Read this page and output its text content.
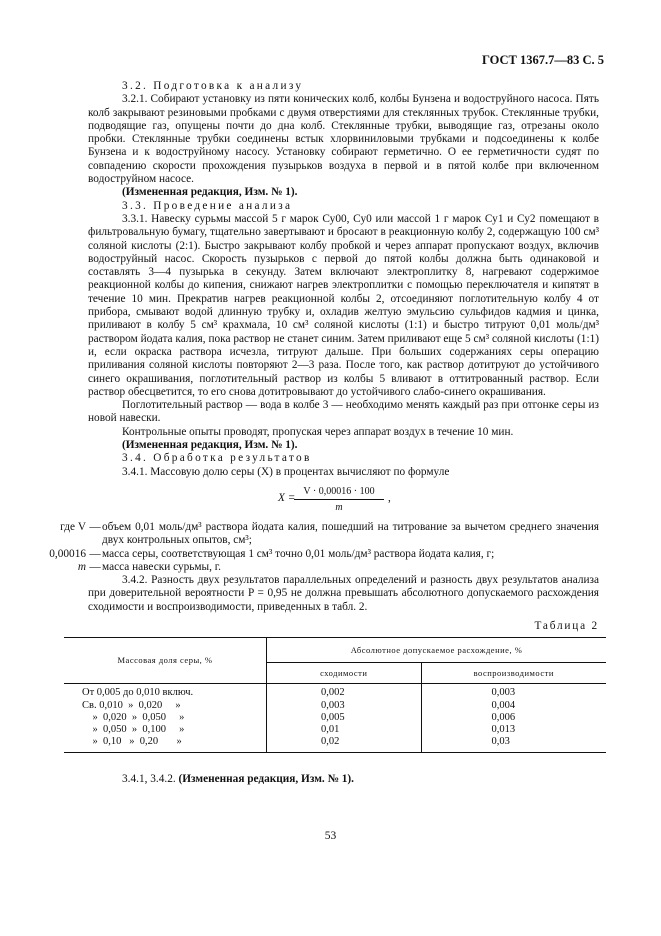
ГОСТ 1367.7—83 С. 5

3.2. Подготовка к анализу

3.2.1. Собирают установку из пяти конических колб, колбы Бунзена и водоструйного насоса. Пять колб закрывают резиновыми пробками с двумя отверстиями для стеклянных трубок. Стеклянные трубки, подводящие газ, опущены почти до дна колб. Стеклянные трубки, выводящие газ, отрезаны около пробки. Стеклянные трубки соединены встык хлорвиниловыми трубками и подсоединены к колбе Бунзена и к водоструйному насосу. Установку собирают герметично. О ее герметичности судят по совпадению скорости прохождения пузырьков воздуха в первой и в пятой колбе при включенном водоструйном насосе.

(Измененная редакция, Изм. № 1).

3.3. Проведение анализа

3.3.1. Навеску сурьмы массой 5 г марок Су00, Су0 или массой 1 г марок Су1 и Су2 помещают в фильтровальную бумагу, тщательно завертывают и бросают в реакционную колбу 2, содержащую 100 см³ соляной кислоты (2:1). Быстро закрывают колбу пробкой и через аппарат пропускают воздух, включив водоструйный насос. Скорость пузырьков с первой до пятой колбы должна быть одинаковой и составлять 3—4 пузырька в секунду. Затем включают электроплитку 8, нагревают содержимое реакционной колбы до кипения, снижают нагрев электроплитки с помощью переключателя и кипятят в течение 10 мин. Прекратив нагрев реакционной колбы 2, отсоединяют поглотительную колбу 4 от прибора, смывают водой длинную трубку и, охладив желтую эмульсию сульфидов кадмия и цинка, приливают в колбу 5 см³ крахмала, 10 см³ соляной кислоты (1:1) и быстро титруют 0,01 моль/дм³ раствором йодата калия, пока раствор не станет синим. Затем приливают еще 5 см³ соляной кислоты (1:1) и, если окраска раствора исчезла, титруют дальше. При больших содержаниях серы операцию приливания соляной кислоты повторяют 2—3 раза. После того, как раствор дотитруют до устойчивого синего окрашивания, поглотительный раствор из колбы 5 вливают в оттитрованный раствор. Если раствор обесцветится, то его снова дотитровывают до устойчивого слабо-синего окрашивания.

Поглотительный раствор — вода в колбе 3 — необходимо менять каждый раз при отгонке серы из новой навески.

Контрольные опыты проводят, пропуская через аппарат воздух в течение 10 мин.

(Измененная редакция, Изм. № 1).

3.4. Обработка результатов

3.4.1. Массовую долю серы (X) в процентах вычисляют по формуле

X =
$\frac{V \cdot 0,00016 \cdot 100}{m}$ ,
где V — объем 0,01 моль/дм³ раствора йодата калия, пошедший на титрование за вычетом среднего значения двух контрольных опытов, см³;
0,00016 — масса серы, соответствующая 1 см³ точно 0,01 моль/дм³ раствора йодата калия, г;
m — масса навески сурьмы, г.

3.4.2. Разность двух результатов параллельных определений и разность двух результатов анализа при доверительной вероятности P = 0,95 не должна превышать абсолютного допускаемого расхождения сходимости и воспроизводимости, приведенных в табл. 2.

Таблица 2
Массовая доля серы, %	Абсолютное допускаемое расхождение, %	
	сходимости	воспроизводимости
От 0,005 до 0,010 включ.	0,002	0,003
Св. 0,010  »  0,020     »	0,003	0,004
»  0,020  »  0,050     »	0,005	0,006
»  0,050  »  0,100     »	0,01	0,013
»  0,10   »  0,20       »	0,02	0,03

3.4.1, 3.4.2. (Измененная редакция, Изм. № 1).

53
